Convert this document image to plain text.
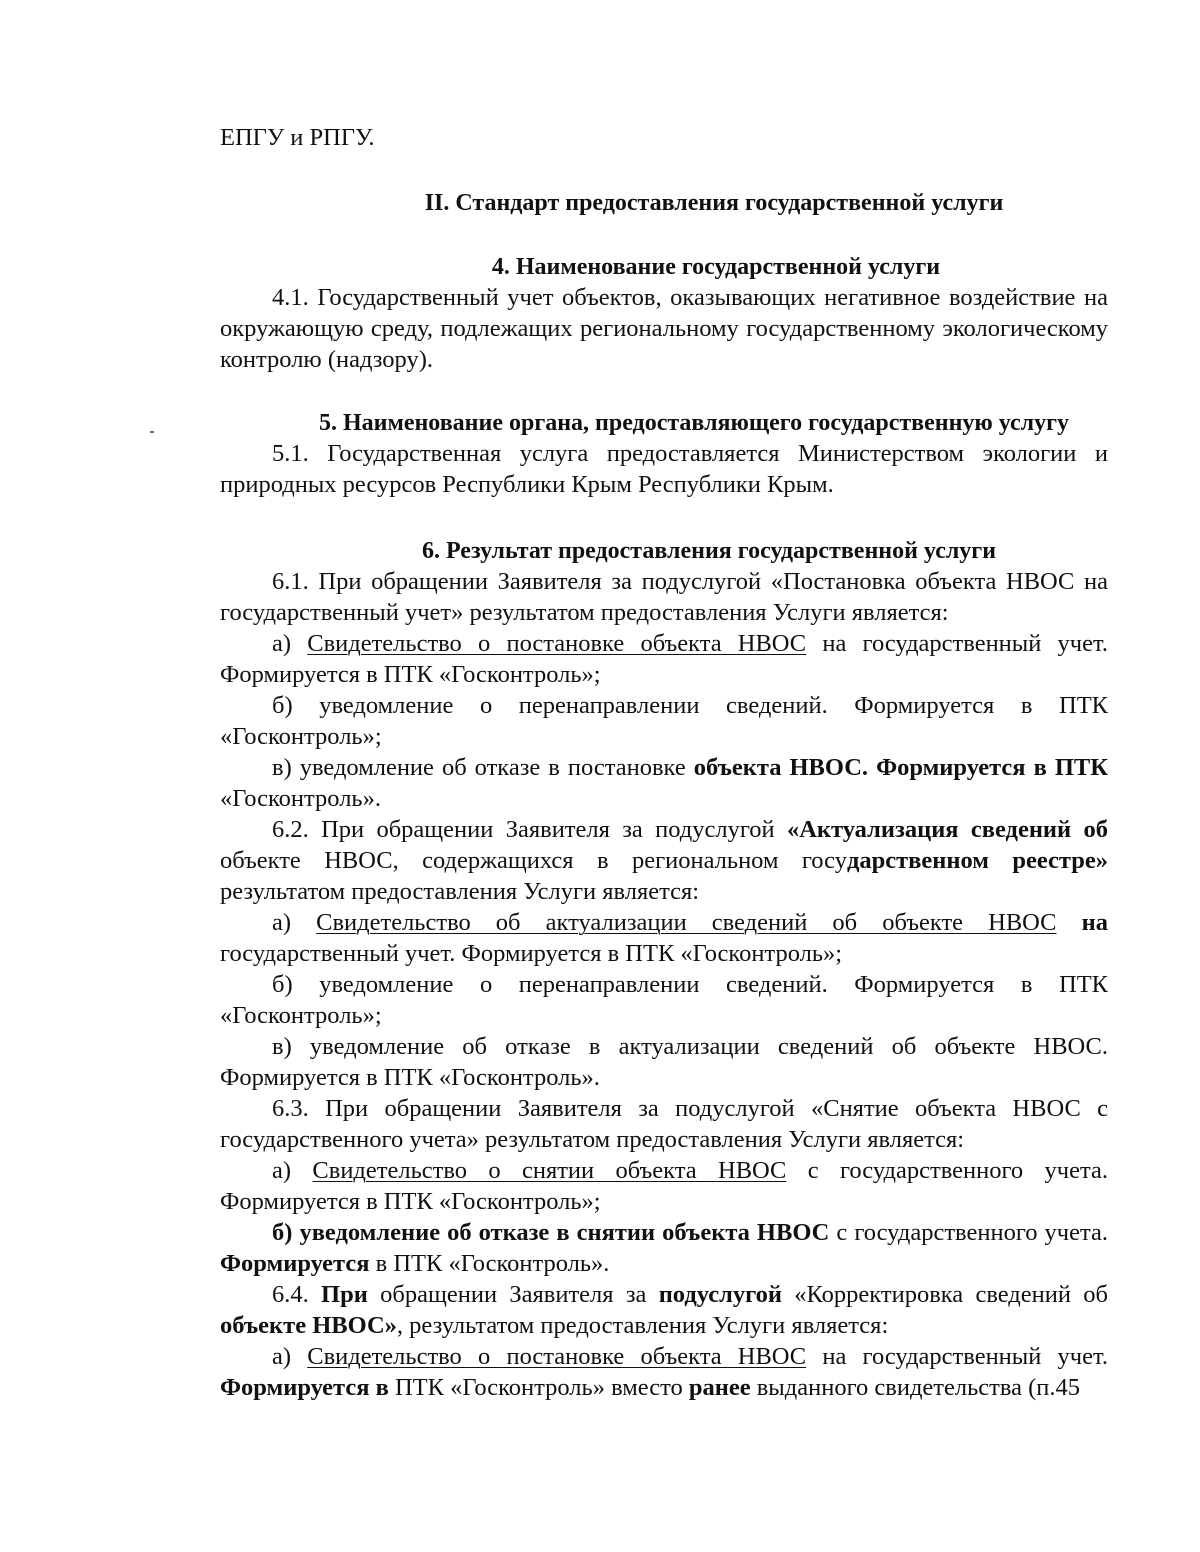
ЕПГУ и РПГУ.

II. Стандарт предоставления государственной услуги

4. Наименование государственной услуги

4.1. Государственный учет объектов, оказывающих негативное воздействие на окружающую среду, подлежащих региональному государственному экологическому контролю (надзору).

5. Наименование органа, предоставляющего государственную услугу

5.1. Государственная услуга предоставляется Министерством экологии и природных ресурсов Республики Крым Республики Крым.

6. Результат предоставления государственной услуги

6.1. При обращении Заявителя за подуслугой «Постановка объекта НВОС на государственный учет» результатом предоставления Услуги является:

а) Свидетельство о постановке объекта НВОС на государственный учет. Формируется в ПТК «Госконтроль»;

б) уведомление о перенаправлении сведений. Формируется в ПТК «Госконтроль»;

в) уведомление об отказе в постановке объекта НВОС. Формируется в ПТК «Госконтроль».

6.2. При обращении Заявителя за подуслугой «Актуализация сведений об объекте НВОС, содержащихся в региональном государственном реестре» результатом предоставления Услуги является:

а) Свидетельство об актуализации сведений об объекте НВОС на государственный учет. Формируется в ПТК «Госконтроль»;

б) уведомление о перенаправлении сведений. Формируется в ПТК «Госконтроль»;

в) уведомление об отказе в актуализации сведений об объекте НВОС. Формируется в ПТК «Госконтроль».

6.3. При обращении Заявителя за подуслугой «Снятие объекта НВОС с государственного учета» результатом предоставления Услуги является:

а) Свидетельство о снятии объекта НВОС с государственного учета. Формируется в ПТК «Госконтроль»;

б) уведомление об отказе в снятии объекта НВОС с государственного учета. Формируется в ПТК «Госконтроль».

6.4. При обращении Заявителя за подуслугой «Корректировка сведений об объекте НВОС», результатом предоставления Услуги является:

а) Свидетельство о постановке объекта НВОС на государственный учет. Формируется в ПТК «Госконтроль» вместо ранее выданного свидетельства (п.45
